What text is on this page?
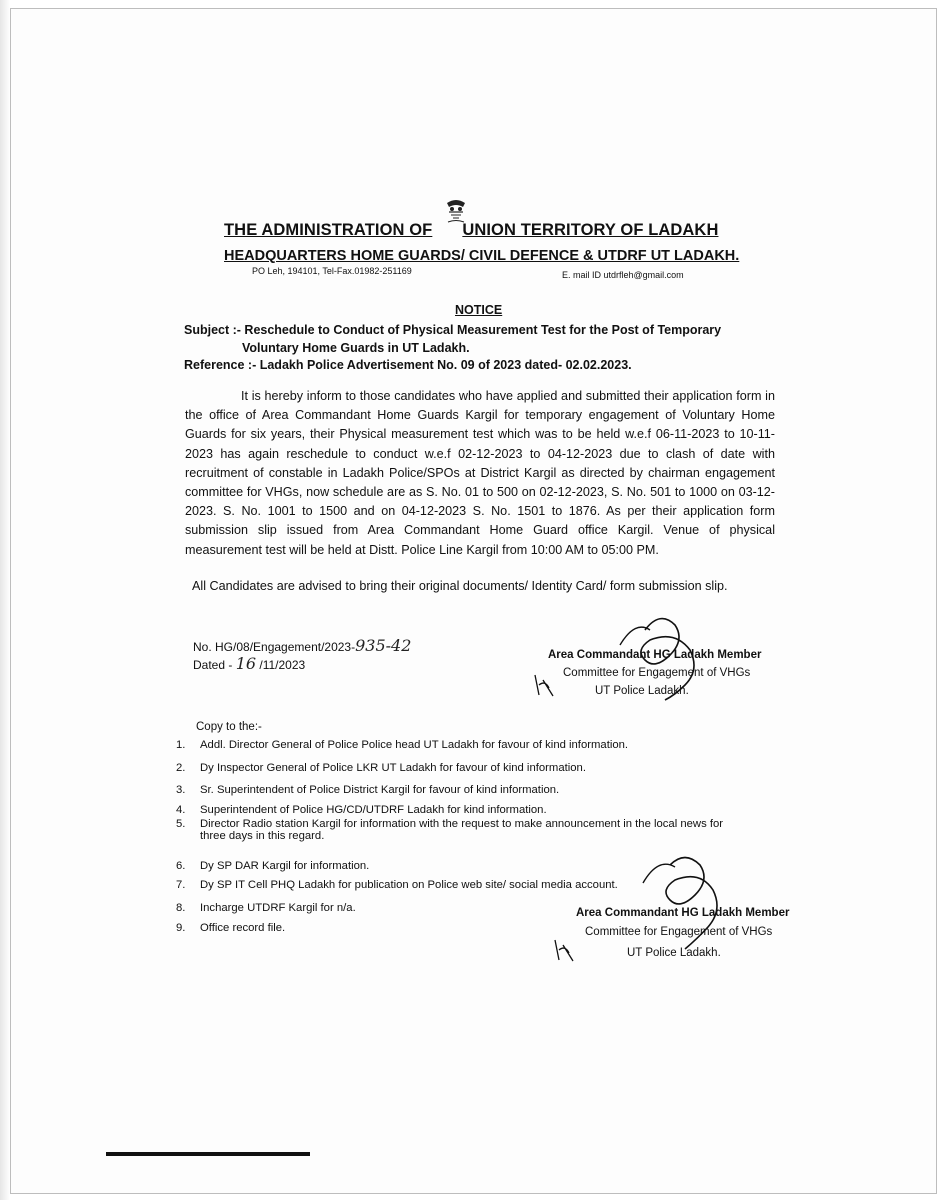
THE ADMINISTRATION OF UNION TERRITORY OF LADAKH
HEADQUARTERS HOME GUARDS/ CIVIL DEFENCE & UTDRF UT LADAKH.
PO Leh, 194101, Tel-Fax.01982-251169	E. mail ID utdrfleh@gmail.com
NOTICE
Subject :- Reschedule to Conduct of Physical Measurement Test for the Post of Temporary
Voluntary Home Guards in UT Ladakh.
Reference :- Ladakh Police Advertisement No. 09 of 2023 dated- 02.02.2023.
It is hereby inform to those candidates who have applied and submitted their application form in the office of Area Commandant Home Guards Kargil for temporary engagement of Voluntary Home Guards for six years, their Physical measurement test which was to be held w.e.f 06-11-2023 to 10-11-2023 has again reschedule to conduct w.e.f 02-12-2023 to 04-12-2023 due to clash of date with recruitment of constable in Ladakh Police/SPOs at District Kargil as directed by chairman engagement committee for VHGs, now schedule are as S. No. 01 to 500 on 02-12-2023, S. No. 501 to 1000 on 03-12-2023. S. No. 1001 to 1500 and on 04-12-2023 S. No. 1501 to 1876. As per their application form submission slip issued from Area Commandant Home Guard office Kargil. Venue of physical measurement test will be held at Distt. Police Line Kargil from 10:00 AM to 05:00 PM.
All Candidates are advised to bring their original documents/ Identity Card/ form submission slip.
No. HG/08/Engagement/2023-935-42
Dated - 16 /11/2023
Area Commandant HG Ladakh Member
Committee for Engagement of VHGs
UT Police Ladakh.
Copy to the:-
1. Addl. Director General of Police Police head UT Ladakh for favour of kind information.
2. Dy Inspector General of Police LKR UT Ladakh for favour of kind information.
3. Sr. Superintendent of Police District Kargil for favour of kind information.
4. Superintendent of Police HG/CD/UTDRF Ladakh for kind information.
5. Director Radio station Kargil for information with the request to make announcement in the local news for
three days in this regard.
6. Dy SP DAR Kargil for information.
7. Dy SP IT Cell PHQ Ladakh for publication on Police web site/ social media account.
8. Incharge UTDRF Kargil for n/a.
9. Office record file.
Area Commandant HG Ladakh Member
Committee for Engagement of VHGs
UT Police Ladakh.
